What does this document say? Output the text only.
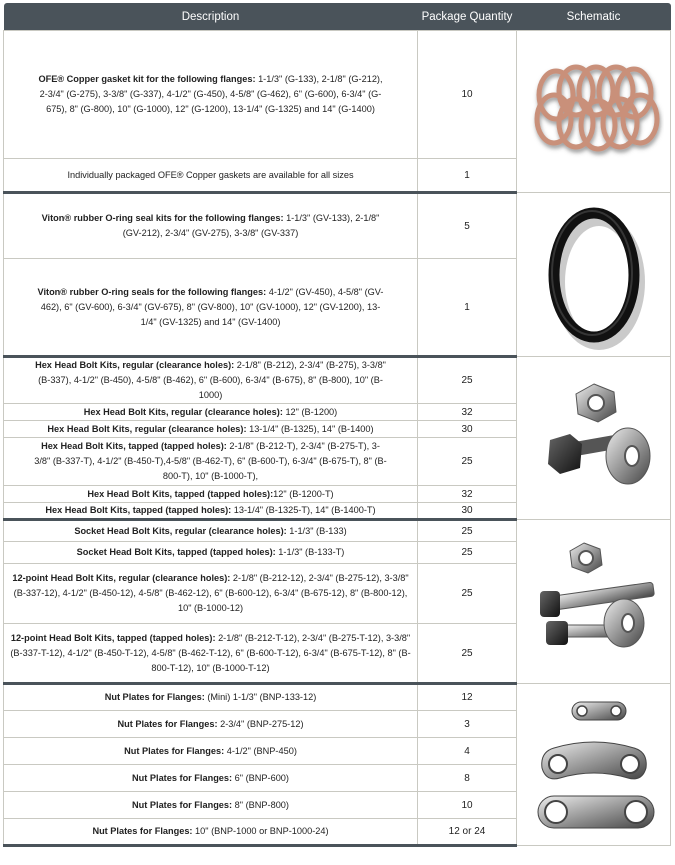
Description	Package Quantity	Schematic
OFE® Copper gasket kit for the following flanges: 1-1/3" (G-133), 2-1/8" (G-212), 2-3/4" (G-275), 3-3/8" (G-337), 4-1/2" (G-450), 4-5/8" (G-462), 6" (G-600), 6-3/4" (G-675), 8" (G-800), 10" (G-1000), 12" (G-1200), 13-1/4" (G-1325) and 14" (G-1400)	10	

Individually packaged OFE® Copper gaskets are available for all sizes	1	
Viton® rubber O-ring seal kits for the following flanges: 1-1/3" (GV-133), 2-1/8" (GV-212), 2-3/4" (GV-275), 3-3/8" (GV-337)	5	

Viton® rubber O-ring seals for the following flanges: 4-1/2" (GV-450), 4-5/8" (GV-462), 6" (GV-600), 6-3/4" (GV-675), 8" (GV-800), 10" (GV-1000), 12" (GV-1200), 13-1/4" (GV-1325) and 14" (GV-1400)	1	
Hex Head Bolt Kits, regular (clearance holes): 2-1/8" (B-212), 2-3/4" (B-275), 3-3/8" (B-337), 4-1/2" (B-450), 4-5/8" (B-462), 6" (B-600), 6-3/4" (B-675), 8" (B-800), 10" (B-1000)	25	

Hex Head Bolt Kits, regular (clearance holes): 12" (B-1200)	32	
Hex Head Bolt Kits, regular (clearance holes): 13-1/4" (B-1325), 14" (B-1400)	30	
Hex Head Bolt Kits, tapped (tapped holes): 2-1/8" (B-212-T), 2-3/4" (B-275-T), 3-3/8" (B-337-T), 4-1/2" (B-450-T),4-5/8" (B-462-T), 6" (B-600-T), 6-3/4" (B-675-T), 8" (B-800-T), 10" (B-1000-T),	25	
Hex Head Bolt Kits, tapped (tapped holes):12" (B-1200-T)	32	
Hex Head Bolt Kits, tapped (tapped holes): 13-1/4" (B-1325-T), 14" (B-1400-T)	30	
Socket Head Bolt Kits, regular (clearance holes): 1-1/3" (B-133)	25	

Socket Head Bolt Kits, tapped (tapped holes): 1-1/3" (B-133-T)	25	
12-point Head Bolt Kits, regular (clearance holes): 2-1/8" (B-212-12), 2-3/4" (B-275-12), 3-3/8" (B-337-12), 4-1/2" (B-450-12), 4-5/8" (B-462-12), 6" (B-600-12), 6-3/4" (B-675-12), 8" (B-800-12), 10" (B-1000-12)	25	
12-point Head Bolt Kits, tapped (tapped holes): 2-1/8" (B-212-T-12), 2-3/4" (B-275-T-12), 3-3/8" (B-337-T-12), 4-1/2" (B-450-T-12), 4-5/8" (B-462-T-12), 6" (B-600-T-12), 6-3/4" (B-675-T-12), 8" (B-800-T-12), 10" (B-1000-T-12)	25	
Nut Plates for Flanges: (Mini) 1-1/3" (BNP-133-12)	12	

Nut Plates for Flanges: 2-3/4" (BNP-275-12)	3	
Nut Plates for Flanges: 4-1/2" (BNP-450)	4	
Nut Plates for Flanges: 6" (BNP-600)	8	
Nut Plates for Flanges: 8" (BNP-800)	10	
Nut Plates for Flanges: 10" (BNP-1000 or BNP-1000-24)	12 or 24	
